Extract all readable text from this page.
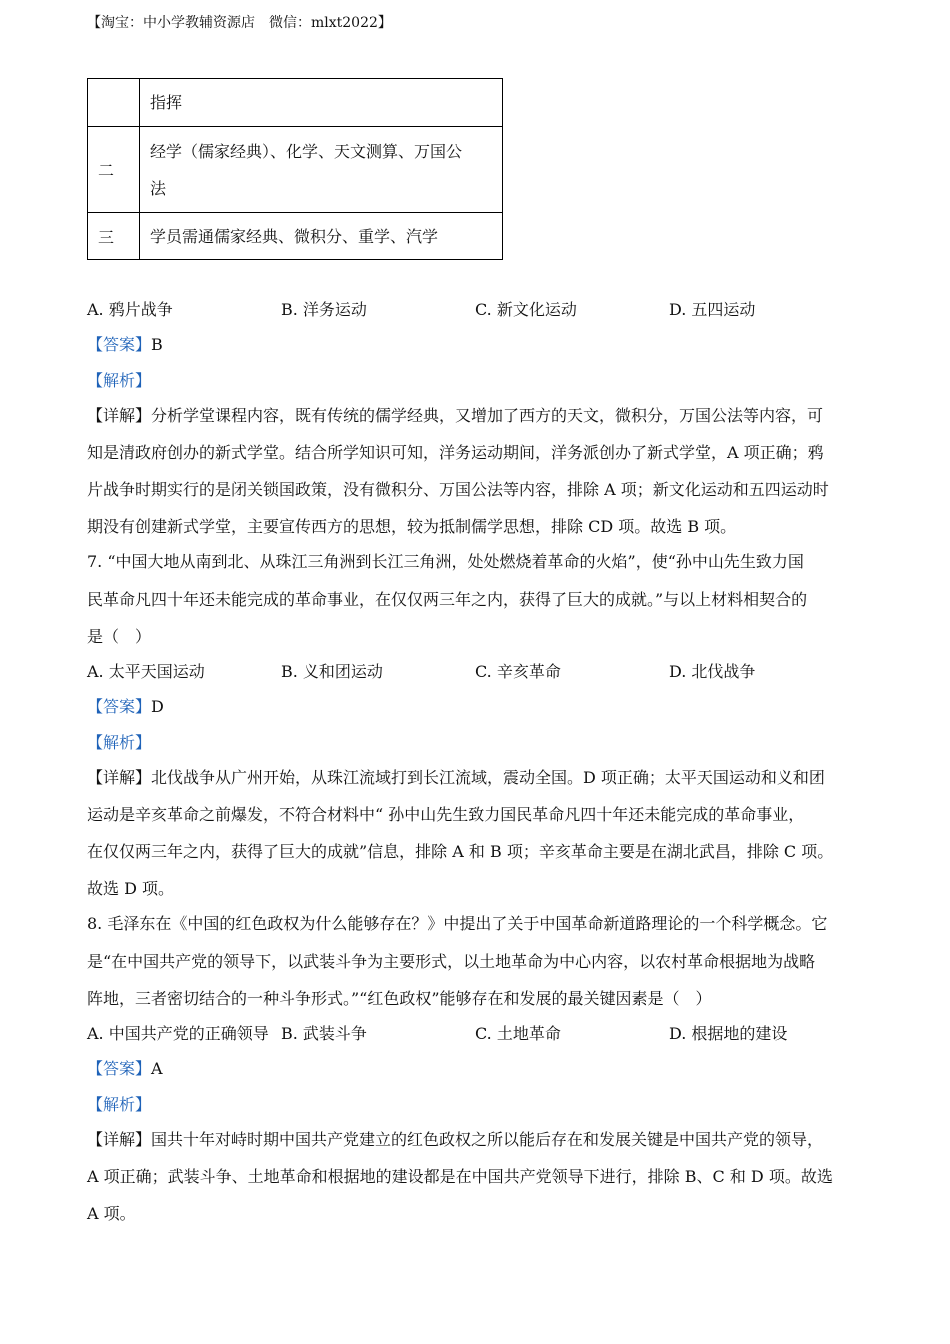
【淘宝：中小学教辅资源店　微信：mlxt2022】
	指挥
二	经学（儒家经典）、化学、天文测算、万国公
法
三	学员需通儒家经典、微积分、重学、汽学
A. 鸦片战争	B. 洋务运动	C. 新文化运动	D. 五四运动
【答案】B
【解析】
【详解】分析学堂课程内容，既有传统的儒学经典，又增加了西方的天文，微积分，万国公法等内容，可
知是清政府创办的新式学堂。结合所学知识可知，洋务运动期间，洋务派创办了新式学堂，A 项正确；鸦
片战争时期实行的是闭关锁国政策，没有微积分、万国公法等内容，排除 A 项；新文化运动和五四运动时
期没有创建新式学堂，主要宣传西方的思想，较为抵制儒学思想，排除 CD 项。故选 B 项。
7. “中国大地从南到北、从珠江三角洲到长江三角洲，处处燃烧着革命的火焰”，使“孙中山先生致力国
民革命凡四十年还未能完成的革命事业，在仅仅两三年之内，获得了巨大的成就。”与以上材料相契合的
是（　）
A. 太平天国运动	B. 义和团运动	C. 辛亥革命	D. 北伐战争
【答案】D
【解析】
【详解】北伐战争从广州开始，从珠江流域打到长江流域，震动全国。D 项正确；太平天国运动和义和团
运动是辛亥革命之前爆发，不符合材料中“ 孙中山先生致力国民革命凡四十年还未能完成的革命事业，
在仅仅两三年之内，获得了巨大的成就”信息，排除 A 和 B 项；辛亥革命主要是在湖北武昌，排除 C 项。
故选 D 项。
8. 毛泽东在《中国的红色政权为什么能够存在？》中提出了关于中国革命新道路理论的一个科学概念。它
是“在中国共产党的领导下，以武装斗争为主要形式，以土地革命为中心内容，以农村革命根据地为战略
阵地，三者密切结合的一种斗争形式。”“红色政权”能够存在和发展的最关键因素是（　）
A. 中国共产党的正确领导 B. 武装斗争	C. 土地革命	D. 根据地的建设
【答案】A
【解析】
【详解】国共十年对峙时期中国共产党建立的红色政权之所以能后存在和发展关键是中国共产党的领导，
A 项正确；武装斗争、土地革命和根据地的建设都是在中国共产党领导下进行，排除 B、C 和 D 项。故选
A 项。
